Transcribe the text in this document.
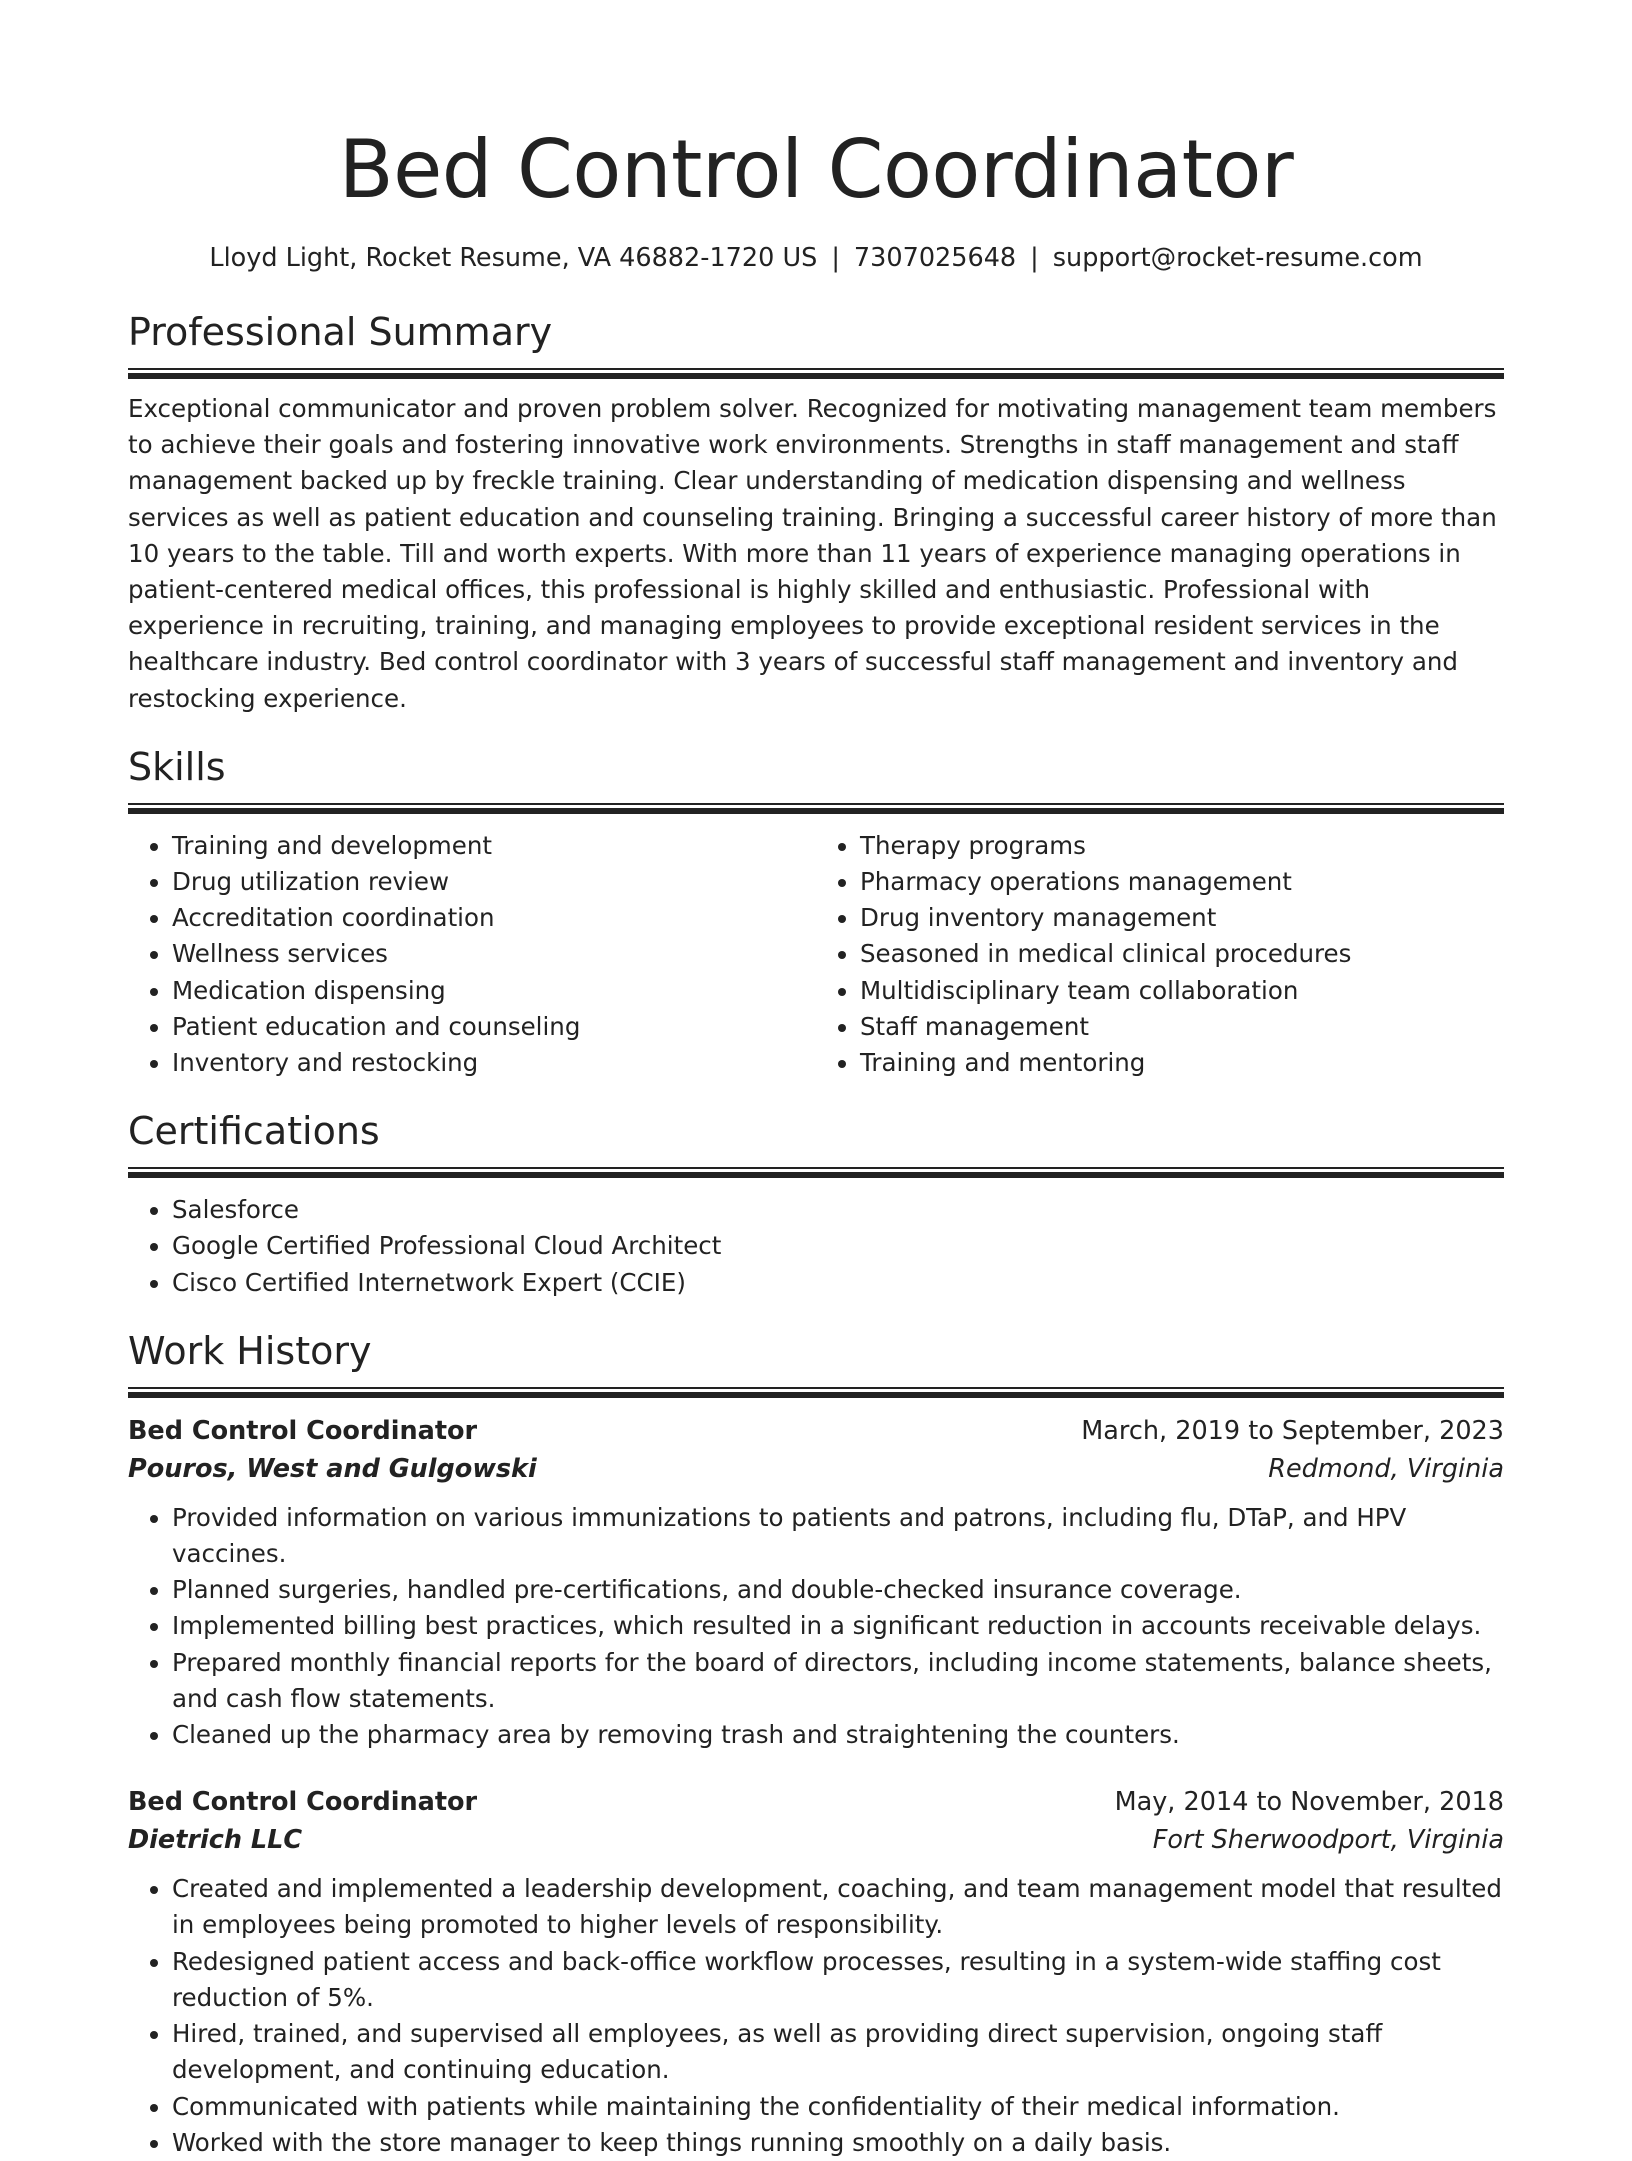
Bed Control Coordinator
Lloyd Light, Rocket Resume, VA 46882-1720 US | 7307025648 | support@rocket-resume.com
Professional Summary
Exceptional communicator and proven problem solver. Recognized for motivating management team members to achieve their goals and fostering innovative work environments. Strengths in staff management and staff management backed up by freckle training. Clear understanding of medication dispensing and wellness services as well as patient education and counseling training. Bringing a successful career history of more than 10 years to the table. Till and worth experts. With more than 11 years of experience managing operations in patient-centered medical offices, this professional is highly skilled and enthusiastic. Professional with experience in recruiting, training, and managing employees to provide exceptional resident services in the healthcare industry. Bed control coordinator with 3 years of successful staff management and inventory and restocking experience.
Skills
• Training and development
• Drug utilization review
• Accreditation coordination
• Wellness services
• Medication dispensing
• Patient education and counseling
• Inventory and restocking
• Therapy programs
• Pharmacy operations management
• Drug inventory management
• Seasoned in medical clinical procedures
• Multidisciplinary team collaboration
• Staff management
• Training and mentoring
Certifications
• Salesforce
• Google Certified Professional Cloud Architect
• Cisco Certified Internetwork Expert (CCIE)
Work History
Bed Control Coordinator	March, 2019 to September, 2023
Pouros, West and Gulgowski	Redmond, Virginia
• Provided information on various immunizations to patients and patrons, including flu, DTaP, and HPV vaccines.
• Planned surgeries, handled pre-certifications, and double-checked insurance coverage.
• Implemented billing best practices, which resulted in a significant reduction in accounts receivable delays.
• Prepared monthly financial reports for the board of directors, including income statements, balance sheets, and cash flow statements.
• Cleaned up the pharmacy area by removing trash and straightening the counters.
Bed Control Coordinator	May, 2014 to November, 2018
Dietrich LLC	Fort Sherwoodport, Virginia
• Created and implemented a leadership development, coaching, and team management model that resulted in employees being promoted to higher levels of responsibility.
• Redesigned patient access and back-office workflow processes, resulting in a system-wide staffing cost reduction of 5%.
• Hired, trained, and supervised all employees, as well as providing direct supervision, ongoing staff development, and continuing education.
• Communicated with patients while maintaining the confidentiality of their medical information.
• Worked with the store manager to keep things running smoothly on a daily basis.
